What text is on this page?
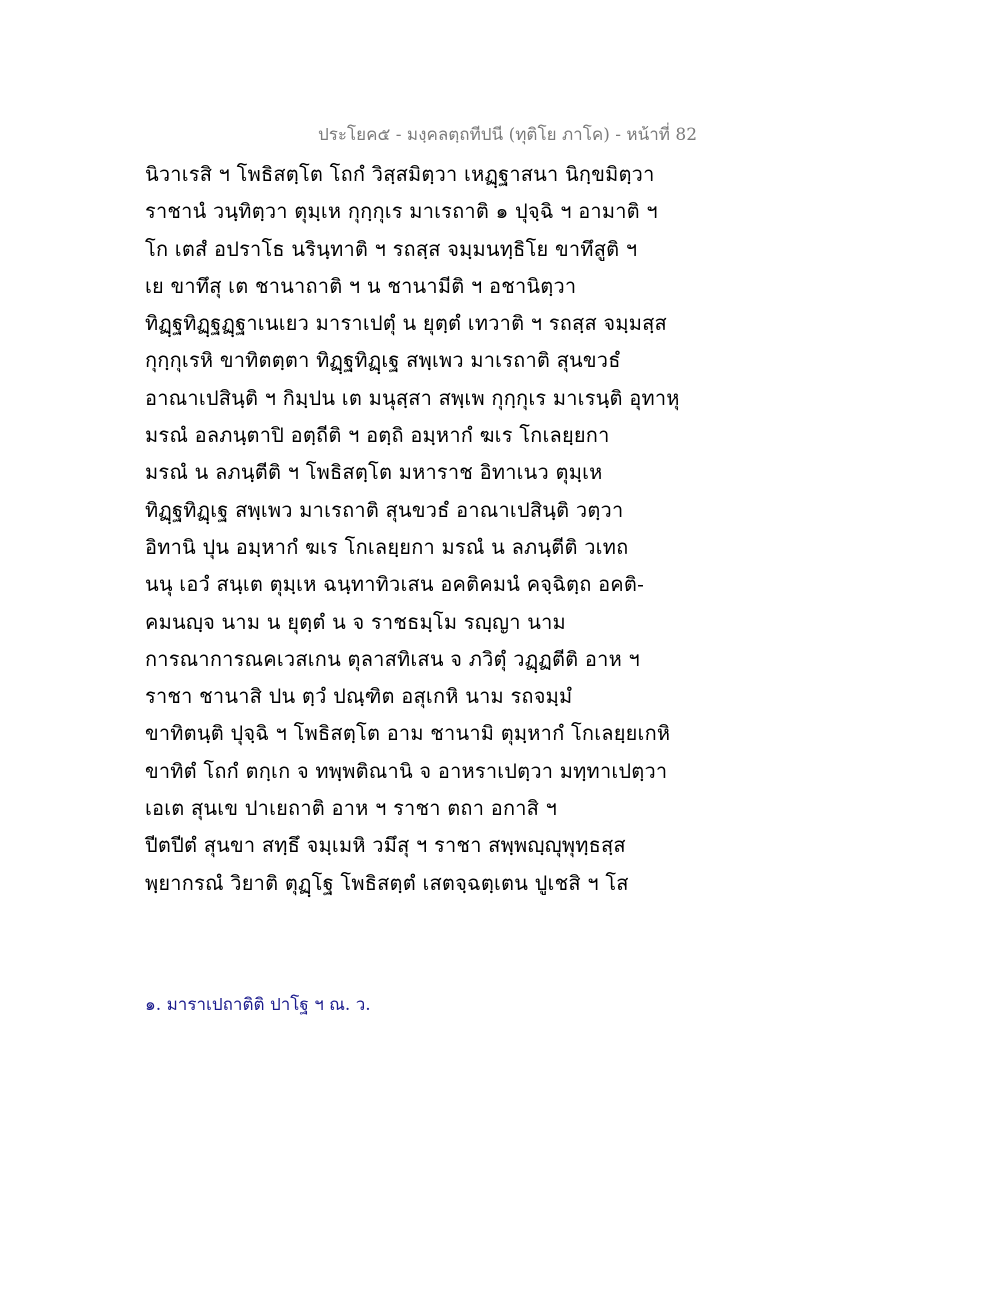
ประโยค๕ - มงฺคลตฺถทีปนี (ทุติโย ภาโค) - หน้าที่ 82
นิวาเรสิ ฯ โพธิสตฺโต โถกํ วิสฺสมิตฺวา เหฏฺฐาสนา นิกฺขมิตฺวา
ราชานํ วนฺทิตฺวา ตุมฺเห กุกฺกุเร มาเรถาติ ๑ ปุจฺฉิ ฯ อามาติ ฯ
โก เตสํ อปราโธ นรินฺทาติ ฯ รถสฺส จมฺมนทฺธิโย ขาทึสูติ ฯ
เย ขาทึสุ เต ชานาถาติ ฯ น ชานามีติ ฯ อชานิตฺวา
ทิฏฺฐทิฏฺฐฏฺฐาเนเยว มาราเปตุํ น ยุตฺตํ เทวาติ ฯ รถสฺส จมฺมสฺส
กุกฺกุเรหิ ขาทิตตฺตา ทิฏฺฐทิฏฺเฐ สพฺเพว มาเรถาติ สุนขวธํ
อาณาเปสินฺติ ฯ กิมฺปน เต มนุสฺสา สพฺเพ กุกฺกุเร มาเรนฺติ อุทาหุ
มรณํ อลภนฺตาปิ อตฺถีติ ฯ อตฺถิ อมฺหากํ ฆเร โกเลยฺยกา
มรณํ น ลภนฺตีติ ฯ โพธิสตฺโต มหาราช อิทาเนว ตุมฺเห
ทิฏฺฐทิฏฺเฐ สพฺเพว มาเรถาติ สุนขวธํ อาณาเปสินฺติ วตฺวา
อิทานิ ปุน อมฺหากํ ฆเร โกเลยฺยกา มรณํ น ลภนฺตีติ วเทถ
นนุ เอวํ สนฺเต ตุมฺเห ฉนฺทาทิวเสน อคติคมนํ คจฺฉิตฺถ อคติ-
คมนญฺจ นาม น ยุตฺตํ น จ ราชธมฺโม รญฺญา นาม
การณาการณคเวสเกน ตุลาสทิเสน จ ภวิตุํ วฏฺฏตีติ อาห ฯ
ราชา ชานาสิ ปน ตฺวํ ปณฺฑิต อสุเกหิ นาม รถจมฺมํ
ขาทิตนฺติ ปุจฺฉิ ฯ โพธิสตฺโต อาม ชานามิ ตุมฺหากํ โกเลยฺยเกหิ
ขาทิตํ โถกํ ตกฺเก จ ทพฺพติณานิ จ อาหราเปตฺวา มทฺทาเปตฺวา
เอเต สุนเข ปาเยถาติ อาห ฯ ราชา ตถา อกาสิ ฯ
ปีตปีตํ สุนขา สทฺธึ จมฺเมหิ วมึสุ ฯ ราชา สพฺพญฺญุพุทฺธสฺส
พฺยากรณํ วิยาติ ตุฏฺโฐ โพธิสตฺตํ เสตจฺฉตฺเตน ปูเชสิ ฯ โส
๑. มาราเปถาติติ ปาโฐ ฯ ณ. ว.
